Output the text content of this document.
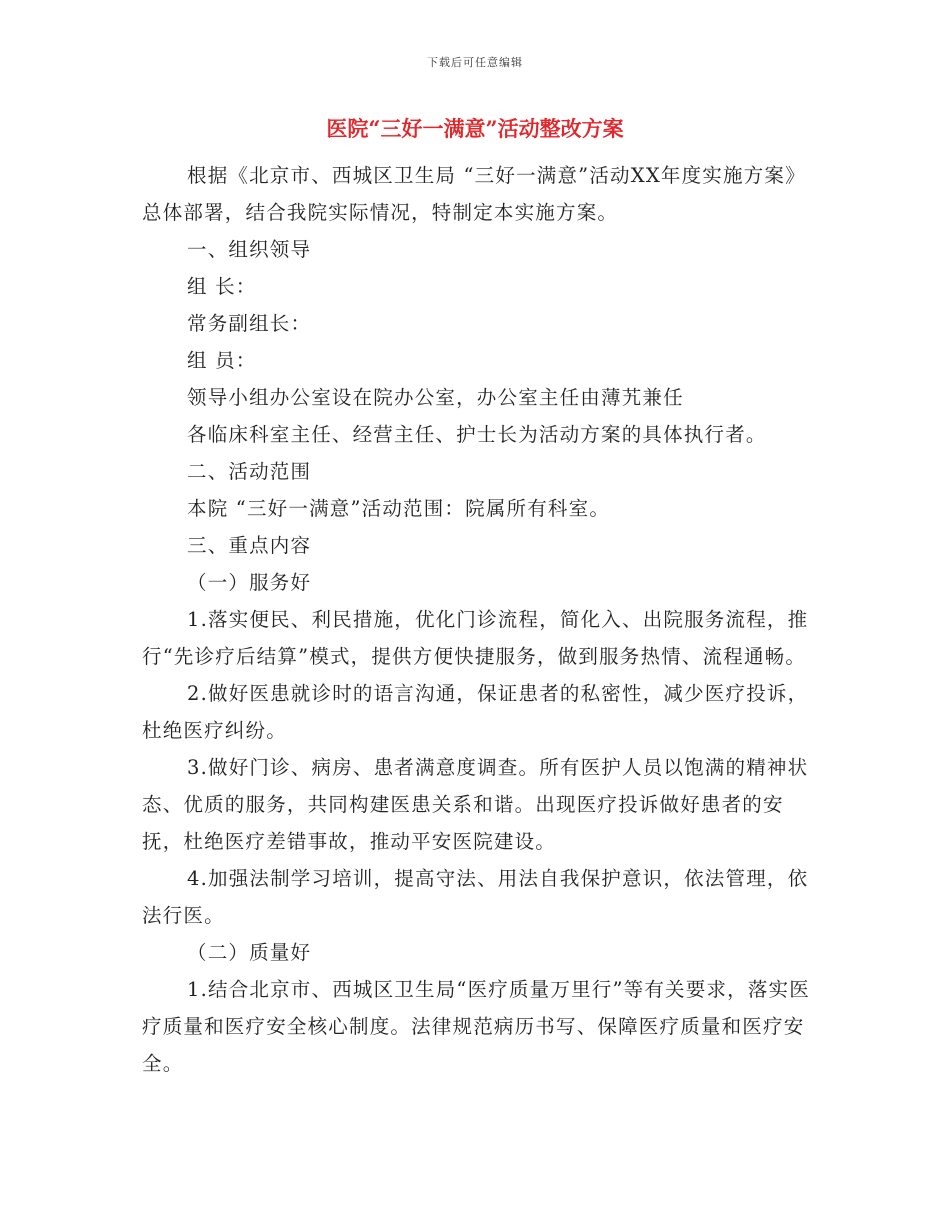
下载后可任意编辑
医院“三好一满意”活动整改方案

根据《北京市、西城区卫生局 “三好一满意”活动XX年度实施方案》总体部署，结合我院实际情况，特制定本实施方案。

一、组织领导

组 长：

常务副组长：

组 员：

领导小组办公室设在院办公室，办公室主任由薄艽兼任

各临床科室主任、经营主任、护士长为活动方案的具体执行者。

二、活动范围

本院 “三好一满意”活动范围：院属所有科室。

三、重点内容

（一）服务好

1.落实便民、利民措施，优化门诊流程，简化入、出院服务流程，推行“先诊疗后结算”模式，提供方便快捷服务，做到服务热情、流程通畅。

2.做好医患就诊时的语言沟通，保证患者的私密性，减少医疗投诉，杜绝医疗纠纷。

3.做好门诊、病房、患者满意度调查。所有医护人员以饱满的精神状态、优质的服务，共同构建医患关系和谐。出现医疗投诉做好患者的安抚，杜绝医疗差错事故，推动平安医院建设。

4.加强法制学习培训，提高守法、用法自我保护意识，依法管理，依法行医。

（二）质量好

1.结合北京市、西城区卫生局“医疗质量万里行”等有关要求，落实医疗质量和医疗安全核心制度。法律规范病历书写、保障医疗质量和医疗安全。
